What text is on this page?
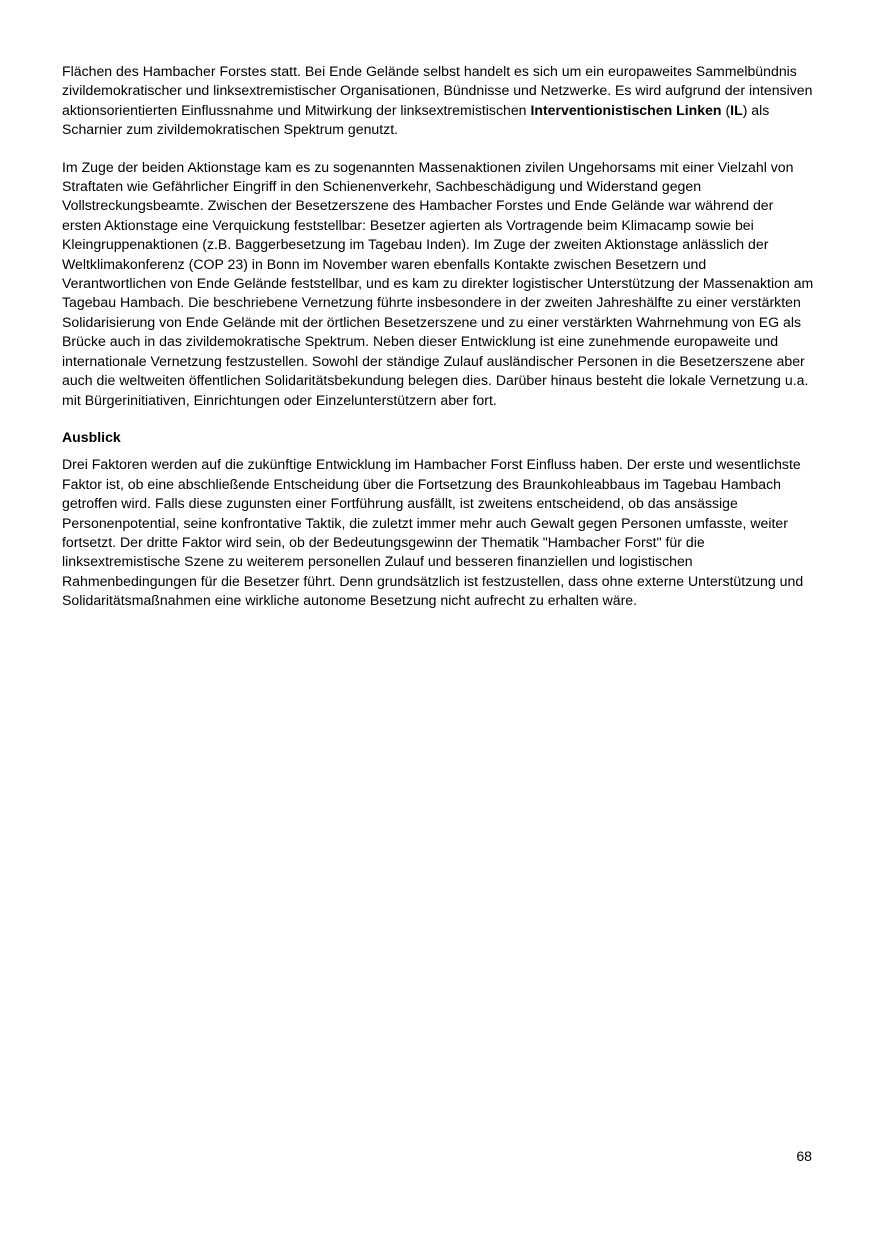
Flächen des Hambacher Forstes statt. Bei Ende Gelände selbst handelt es sich um ein europaweites Sammelbündnis zivildemokratischer und linksextremistischer Organisationen, Bündnisse und Netzwerke. Es wird aufgrund der intensiven aktionsorientierten Einflussnahme und Mitwirkung der linksextremistischen Interventionistischen Linken (IL) als Scharnier zum zivildemokratischen Spektrum genutzt.

Im Zuge der beiden Aktionstage kam es zu sogenannten Massenaktionen zivilen Ungehorsams mit einer Vielzahl von Straftaten wie Gefährlicher Eingriff in den Schienenverkehr, Sachbeschädigung und Widerstand gegen Vollstreckungsbeamte. Zwischen der Besetzerszene des Hambacher Forstes und Ende Gelände war während der ersten Aktionstage eine Verquickung feststellbar: Besetzer agierten als Vortragende beim Klimacamp sowie bei Kleingruppenaktionen (z.B. Baggerbesetzung im Tagebau Inden). Im Zuge der zweiten Aktionstage anlässlich der Weltklimakonferenz (COP 23) in Bonn im November waren ebenfalls Kontakte zwischen Besetzern und Verantwortlichen von Ende Gelände feststellbar, und es kam zu direkter logistischer Unterstützung der Massenaktion am Tagebau Hambach. Die beschriebene Vernetzung führte insbesondere in der zweiten Jahreshälfte zu einer verstärkten Solidarisierung von Ende Gelände mit der örtlichen Besetzerszene und zu einer verstärkten Wahrnehmung von EG als Brücke auch in das zivildemokratische Spektrum. Neben dieser Entwicklung ist eine zunehmende europaweite und internationale Vernetzung festzustellen. Sowohl der ständige Zulauf ausländischer Personen in die Besetzerszene aber auch die weltweiten öffentlichen Solidaritätsbekundung belegen dies. Darüber hinaus besteht die lokale Vernetzung u.a. mit Bürgerinitiativen, Einrichtungen oder Einzelunterstützern aber fort.

Ausblick

Drei Faktoren werden auf die zukünftige Entwicklung im Hambacher Forst Einfluss haben. Der erste und wesentlichste Faktor ist, ob eine abschließende Entscheidung über die Fortsetzung des Braunkohleabbaus im Tagebau Hambach getroffen wird. Falls diese zugunsten einer Fortführung ausfällt, ist zweitens entscheidend, ob das ansässige Personenpotential, seine konfrontative Taktik, die zuletzt immer mehr auch Gewalt gegen Personen umfasste, weiter fortsetzt. Der dritte Faktor wird sein, ob der Bedeutungsgewinn der Thematik "Hambacher Forst" für die linksextremistische Szene zu weiterem personellen Zulauf und besseren finanziellen und logistischen Rahmenbedingungen für die Besetzer führt. Denn grundsätzlich ist festzustellen, dass ohne externe Unterstützung und Solidaritätsmaßnahmen eine wirkliche autonome Besetzung nicht aufrecht zu erhalten wäre.

68
